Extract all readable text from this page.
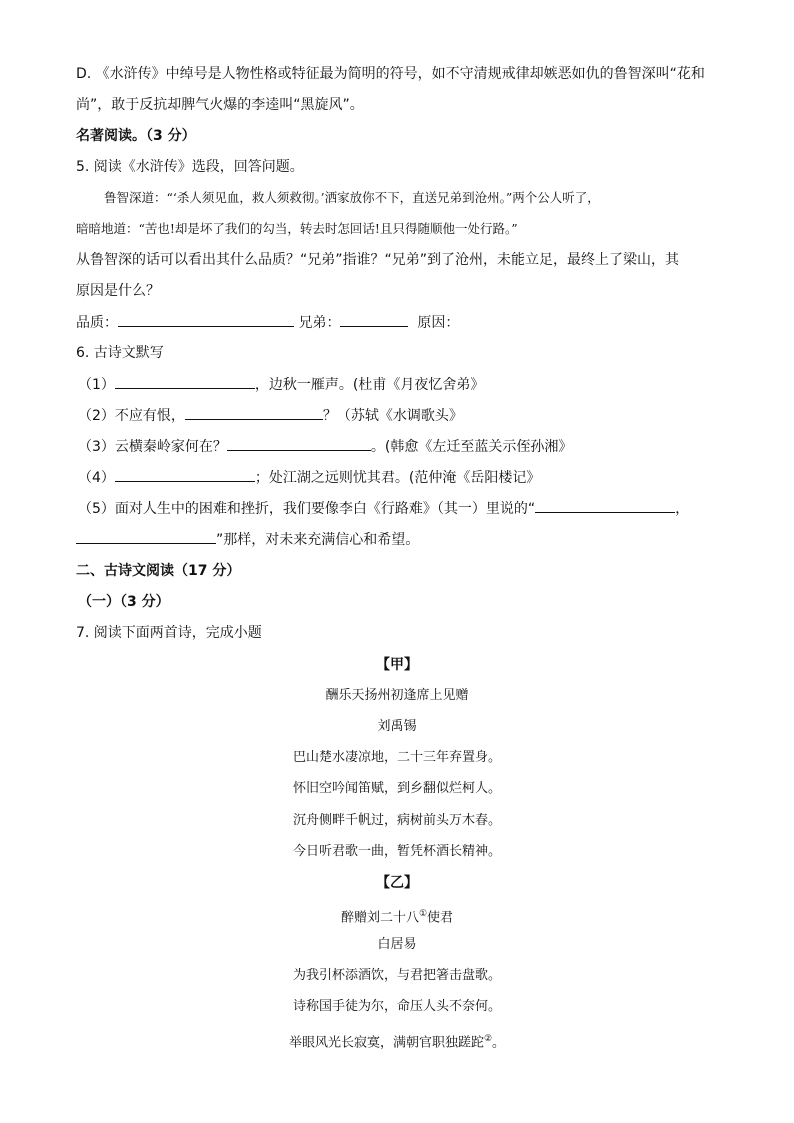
D. 《水浒传》中绰号是人物性格或特征最为简明的符号，如不守清规戒律却嫉恶如仇的鲁智深叫“花和
尚”，敢于反抗却脾气火爆的李逵叫“黑旋风”。
名著阅读。（3 分）
5. 阅读《水浒传》选段，回答问题。
鲁智深道：“‘杀人须见血，救人须救彻。’洒家放你不下，直送兄弟到沧州。”两个公人听了，
暗暗地道：“苦也!却是坏了我们的勾当，转去时怎回话!且只得随顺他一处行路。”
从鲁智深的话可以看出其什么品质？“兄弟”指谁？“兄弟”到了沧州，未能立足，最终上了梁山，其
原因是什么？
品质：	兄弟：	原因：
6. 古诗文默写
（1）	，边秋一雁声。(杜甫《月夜忆舍弟》
（2）不应有恨，	？（苏轼《水调歌头》
（3）云横秦岭家何在？	。(韩愈《左迁至蓝关示侄孙湘》
（4）	；处江湖之远则忧其君。(范仲淹《岳阳楼记》
（5）面对人生中的困难和挫折，我们要像李白《行路难》（其一）里说的“	，
”那样，对未来充满信心和希望。
二、古诗文阅读（17 分）
（一）（3 分）
7. 阅读下面两首诗，完成小题
【甲】
酬乐天扬州初逢席上见赠
刘禹锡
巴山楚水凄凉地，二十三年弃置身。
怀旧空吟闻笛赋，到乡翻似烂柯人。
沉舟侧畔千帆过，病树前头万木春。
今日听君歌一曲，暂凭杯酒长精神。
【乙】
醉赠刘二十八①使君
白居易
为我引杯添酒饮，与君把箸击盘歌。
诗称国手徒为尔，命压人头不奈何。
举眼风光长寂寞，满朝官职独蹉跎②。
